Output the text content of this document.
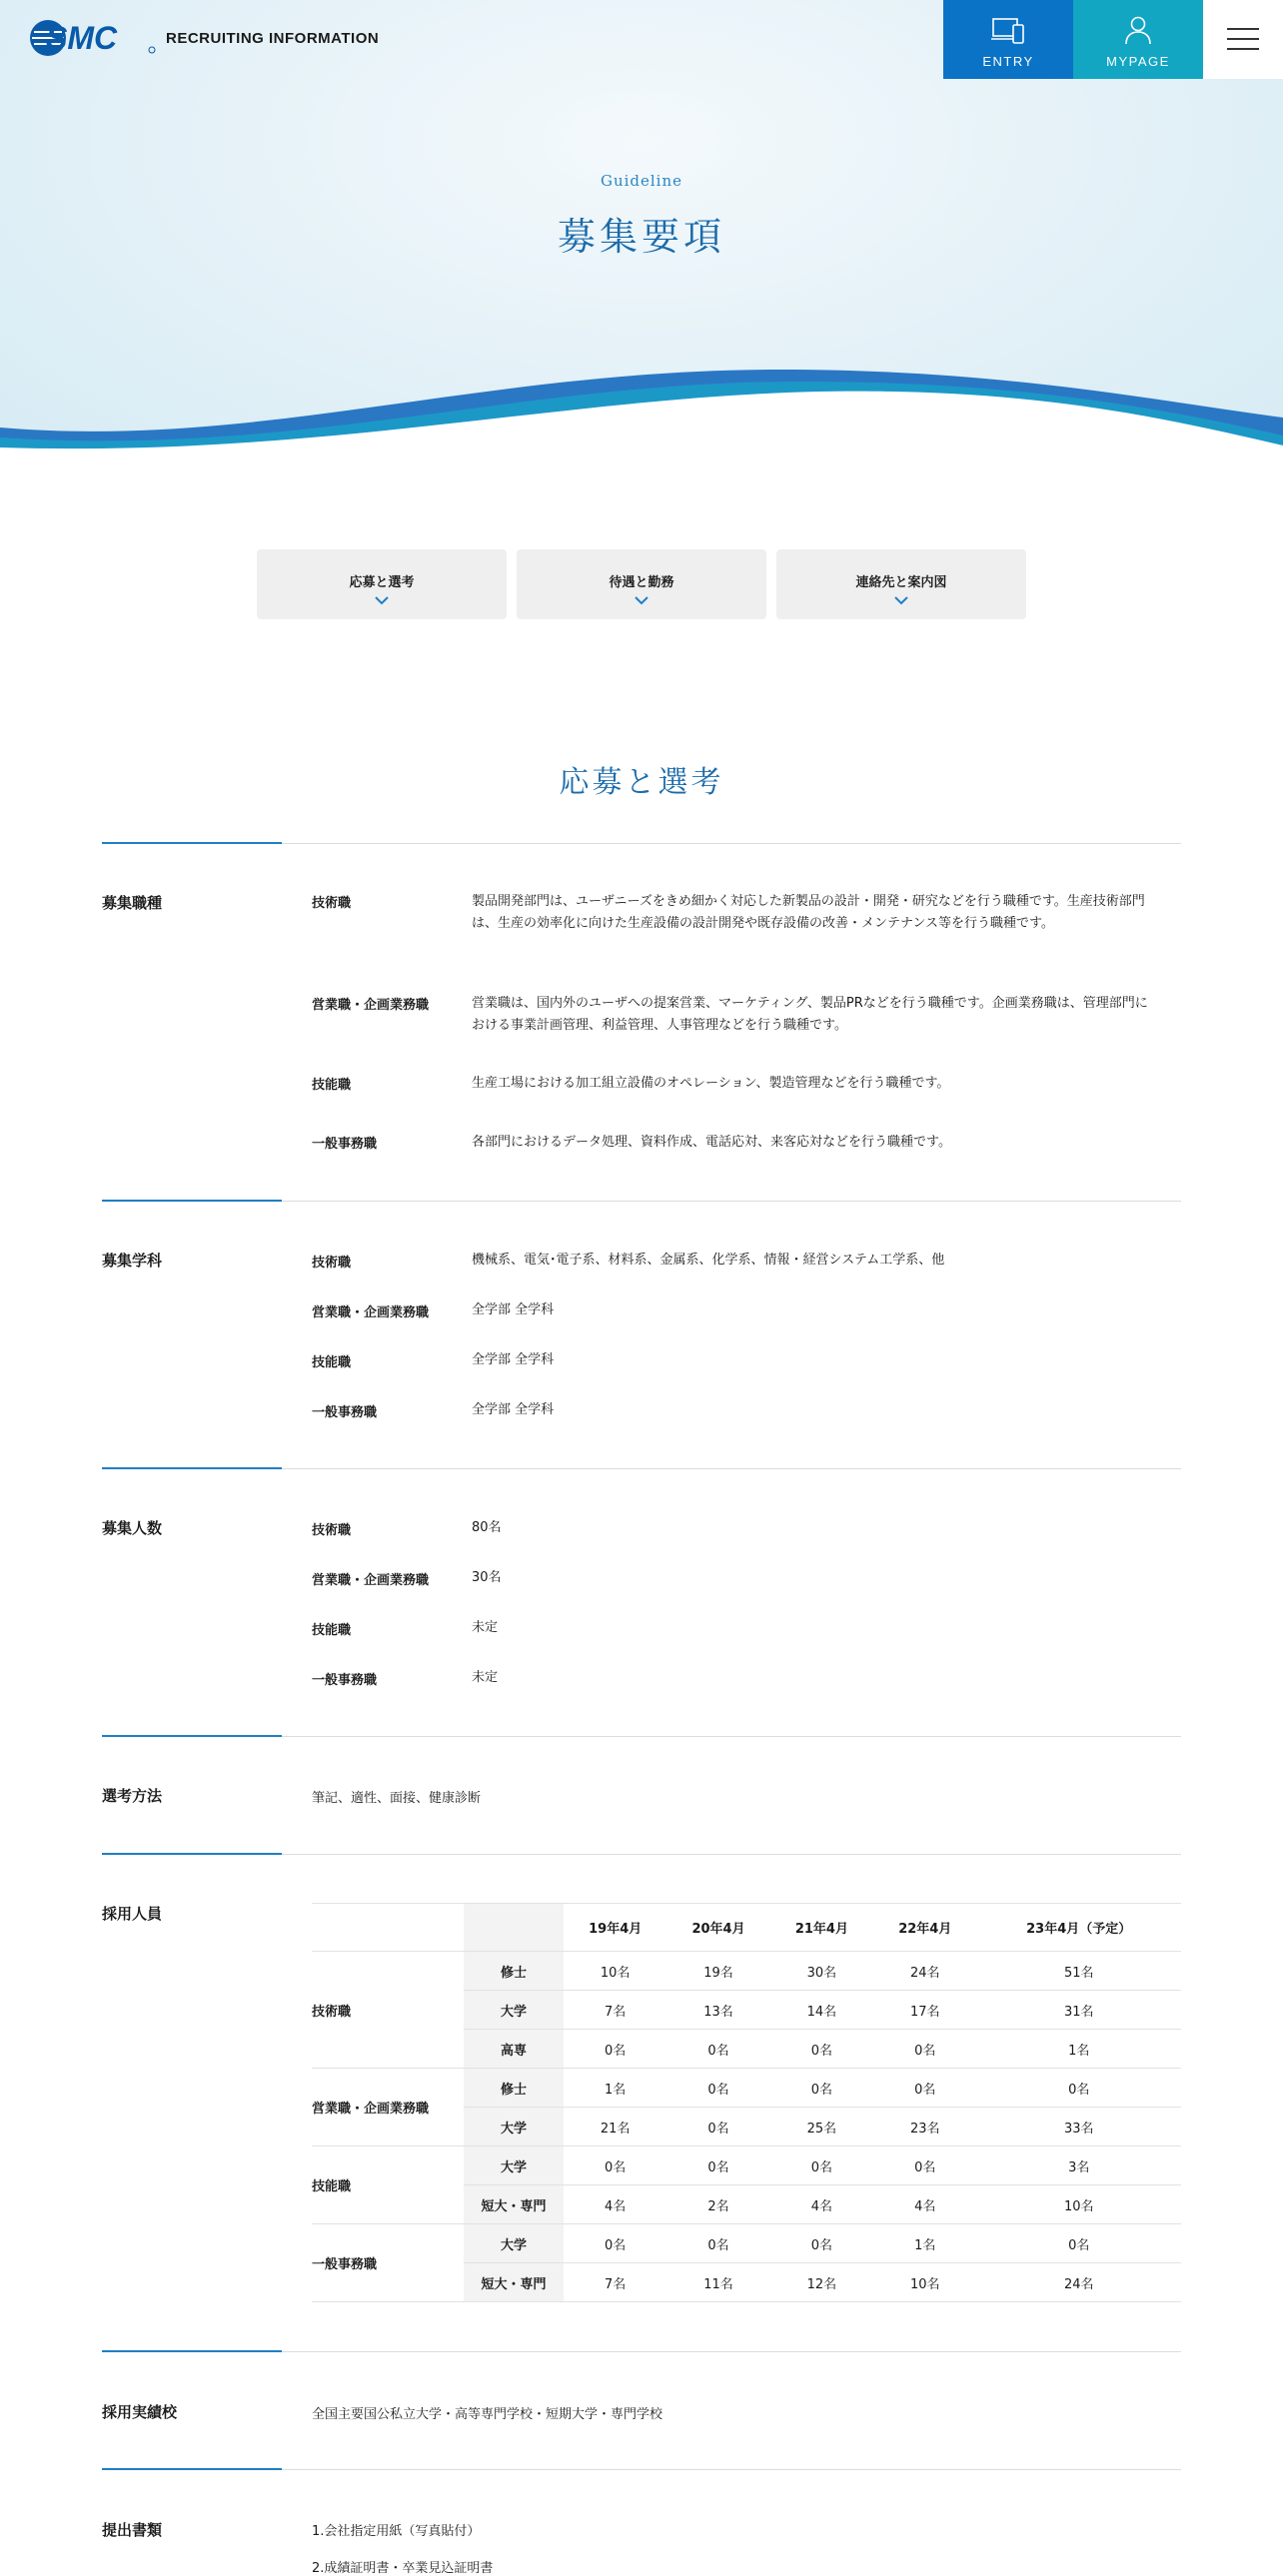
SMC	RECRUITING INFORMATION
ENTRY	MYPAGE
Guideline
募集要項
応募と選考	待遇と勤務	連絡先と案内図
応募と選考
募集職種	技術職	製品開発部門は、ユーザニーズをきめ細かく対応した新製品の設計・開発・研究などを行う職種です。生産技術部門は、生産の効率化に向けた生産設備の設計開発や既存設備の改善・メンテナンス等を行う職種です。
営業職・企画業務職	営業職は、国内外のユーザへの提案営業、マーケティング、製品PRなどを行う職種です。企画業務職は、管理部門における事業計画管理、利益管理、人事管理などを行う職種です。
技能職	生産工場における加工組立設備のオペレーション、製造管理などを行う職種です。
一般事務職	各部門におけるデータ処理、資料作成、電話応対、来客応対などを行う職種です。
募集学科	技術職	機械系、電気･電子系、材料系、金属系、化学系、情報・経営システム工学系、他
営業職・企画業務職	全学部 全学科
技能職	全学部 全学科
一般事務職	全学部 全学科
募集人数	技術職	80名
営業職・企画業務職	30名
技能職	未定
一般事務職	未定
選考方法	筆記、適性、面接、健康診断
採用人員
		19年4月	20年4月	21年4月	22年4月	23年4月（予定）
技術職	修士	10名	19名	30名	24名	51名
	大学	7名	13名	14名	17名	31名
	高専	0名	0名	0名	0名	1名
営業職・企画業務職	修士	1名	0名	0名	0名	0名
	大学	21名	0名	25名	23名	33名
技能職	大学	0名	0名	0名	0名	3名
	短大・専門	4名	2名	4名	4名	10名
一般事務職	大学	0名	0名	0名	1名	0名
	短大・専門	7名	11名	12名	10名	24名
採用実績校	全国主要国公私立大学・高等専門学校・短期大学・専門学校
提出書類	1.会社指定用紙（写真貼付）
2.成績証明書・卒業見込証明書
